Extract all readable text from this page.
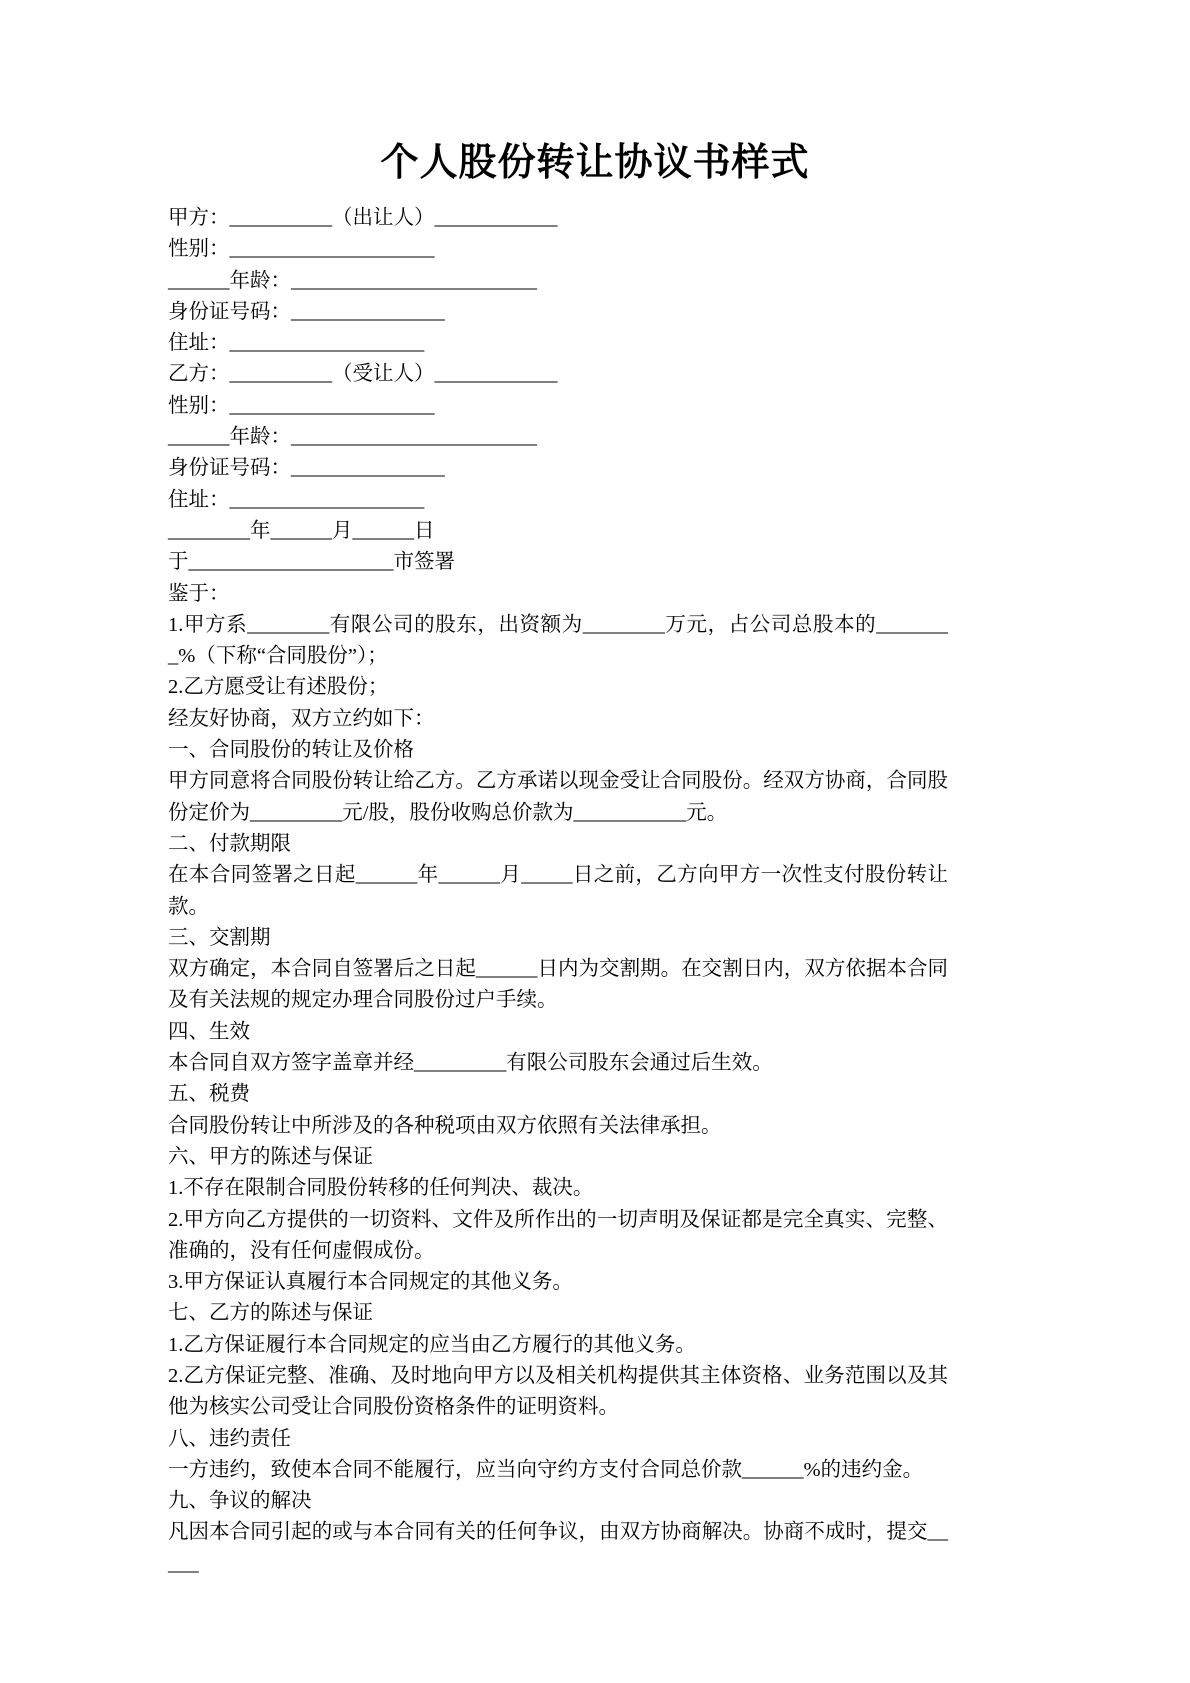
个人股份转让协议书样式

甲方：__________（出让人）____________

性别：____________________

______年龄：________________________

身份证号码：_______________

住址：___________________

乙方：__________（受让人）____________

性别：____________________

______年龄：________________________

身份证号码：_______________

住址：___________________

________年______月______日

于____________________市签署

鉴于：

1.甲方系________有限公司的股东，出资额为________万元，占公司总股本的________%（下称“合同股份”）；

2.乙方愿受让有述股份；

经友好协商，双方立约如下：

一、合同股份的转让及价格

甲方同意将合同股份转让给乙方。乙方承诺以现金受让合同股份。经双方协商，合同股份定价为_________元/股，股份收购总价款为___________元。

二、付款期限

在本合同签署之日起______年______月_____日之前，乙方向甲方一次性支付股份转让款。

三、交割期

双方确定，本合同自签署后之日起______日内为交割期。在交割日内，双方依据本合同及有关法规的规定办理合同股份过户手续。

四、生效

本合同自双方签字盖章并经_________有限公司股东会通过后生效。

五、税费

合同股份转让中所涉及的各种税项由双方依照有关法律承担。

六、甲方的陈述与保证

1.不存在限制合同股份转移的任何判决、裁决。

2.甲方向乙方提供的一切资料、文件及所作出的一切声明及保证都是完全真实、完整、准确的，没有任何虚假成份。

3.甲方保证认真履行本合同规定的其他义务。

七、乙方的陈述与保证

1.乙方保证履行本合同规定的应当由乙方履行的其他义务。

2.乙方保证完整、准确、及时地向甲方以及相关机构提供其主体资格、业务范围以及其他为核实公司受让合同股份资格条件的证明资料。

八、违约责任

一方违约，致使本合同不能履行，应当向守约方支付合同总价款______%的违约金。

九、争议的解决

凡因本合同引起的或与本合同有关的任何争议，由双方协商解决。协商不成时，提交_____
